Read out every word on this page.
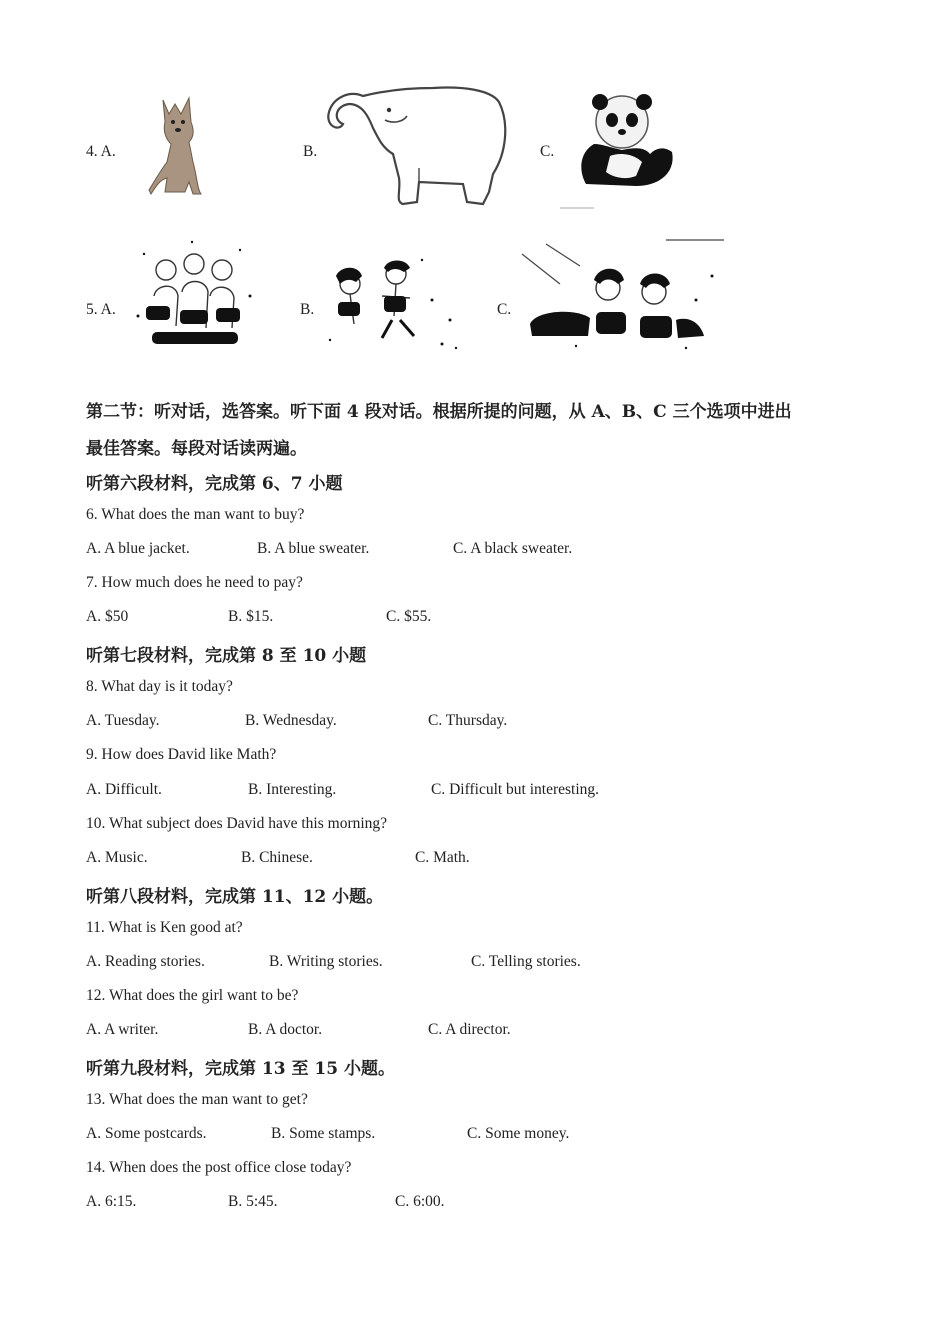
4. A.	B.	C.
5. A.	B.	C.
第二节：听对话，选答案。听下面 4 段对话。根据所提的问题，从 A、B、C 三个选项中进出
最佳答案。每段对话读两遍。
听第六段材料，完成第 6、7 小题
6. What does the man want to buy?
A. A blue jacket.	B. A blue sweater.	C. A black sweater.
7. How much does he need to pay?
A. $50	B. $15.	C. $55.
听第七段材料，完成第 8 至 10 小题
8. What day is it today?
A. Tuesday.	B. Wednesday.	C. Thursday.
9. How does David like Math?
A. Difficult.	B. Interesting.	C. Difficult but interesting.
10. What subject does David have this morning?
A. Music.	B. Chinese.	C. Math.
听第八段材料，完成第 11、12 小题。
11. What is Ken good at?
A. Reading stories.	B. Writing stories.	C. Telling stories.
12. What does the girl want to be?
A. A writer.	B. A doctor.	C. A director.
听第九段材料，完成第 13 至 15 小题。
13. What does the man want to get?
A. Some postcards.	B. Some stamps.	C. Some money.
14. When does the post office close today?
A. 6:15.	B. 5:45.	C. 6:00.
